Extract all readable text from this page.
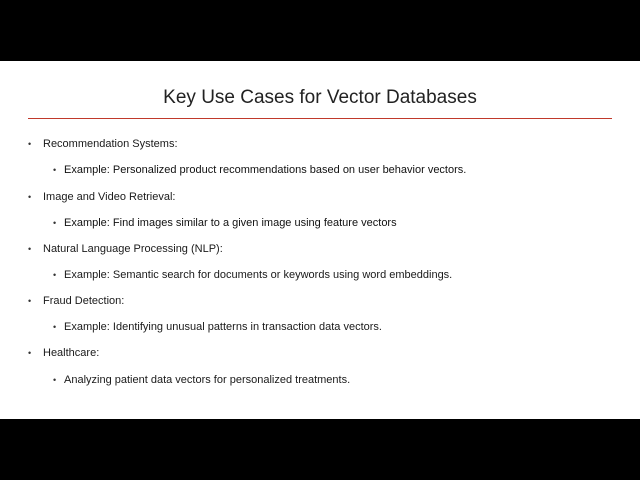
Key Use Cases for Vector Databases
• Recommendation Systems:
• Example: Personalized product recommendations based on user behavior vectors.
• Image and Video Retrieval:
• Example: Find images similar to a given image using feature vectors
• Natural Language Processing (NLP):
• Example: Semantic search for documents or keywords using word embeddings.
• Fraud Detection:
• Example: Identifying unusual patterns in transaction data vectors.
• Healthcare:
• Analyzing patient data vectors for personalized treatments.
